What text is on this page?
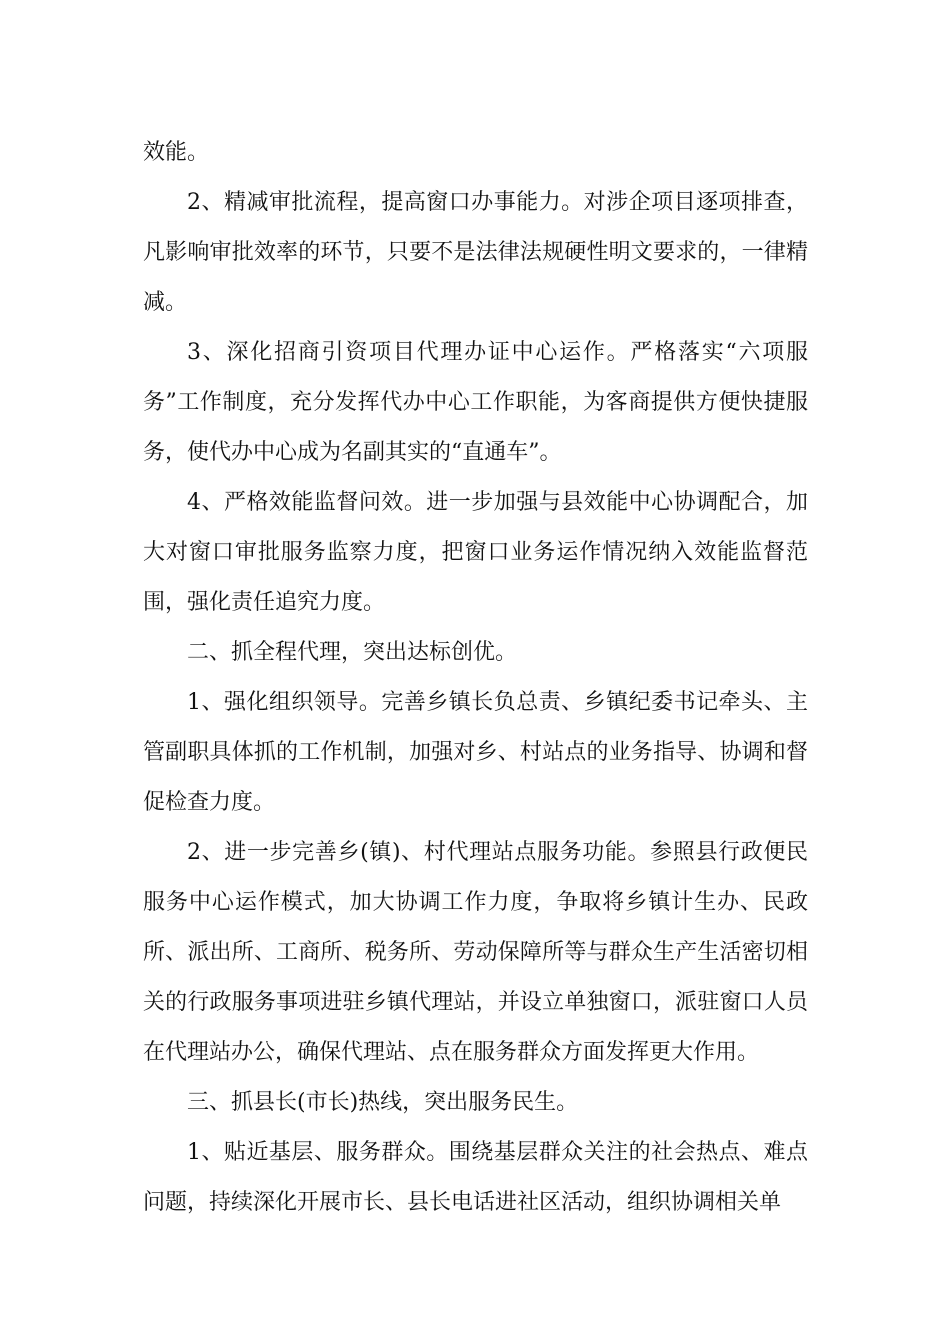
效能。

2、精减审批流程，提高窗口办事能力。对涉企项目逐项排查，凡影响审批效率的环节，只要不是法律法规硬性明文要求的，一律精减。

3、深化招商引资项目代理办证中心运作。严格落实“六项服务”工作制度，充分发挥代办中心工作职能，为客商提供方便快捷服务，使代办中心成为名副其实的“直通车”。

4、严格效能监督问效。进一步加强与县效能中心协调配合，加大对窗口审批服务监察力度，把窗口业务运作情况纳入效能监督范围，强化责任追究力度。

二、抓全程代理，突出达标创优。

1、强化组织领导。完善乡镇长负总责、乡镇纪委书记牵头、主管副职具体抓的工作机制，加强对乡、村站点的业务指导、协调和督促检查力度。

2、进一步完善乡(镇)、村代理站点服务功能。参照县行政便民服务中心运作模式，加大协调工作力度，争取将乡镇计生办、民政所、派出所、工商所、税务所、劳动保障所等与群众生产生活密切相关的行政服务事项进驻乡镇代理站，并设立单独窗口，派驻窗口人员在代理站办公，确保代理站、点在服务群众方面发挥更大作用。

三、抓县长(市长)热线，突出服务民生。

1、贴近基层、服务群众。围绕基层群众关注的社会热点、难点问题，持续深化开展市长、县长电话进社区活动，组织协调相关单
